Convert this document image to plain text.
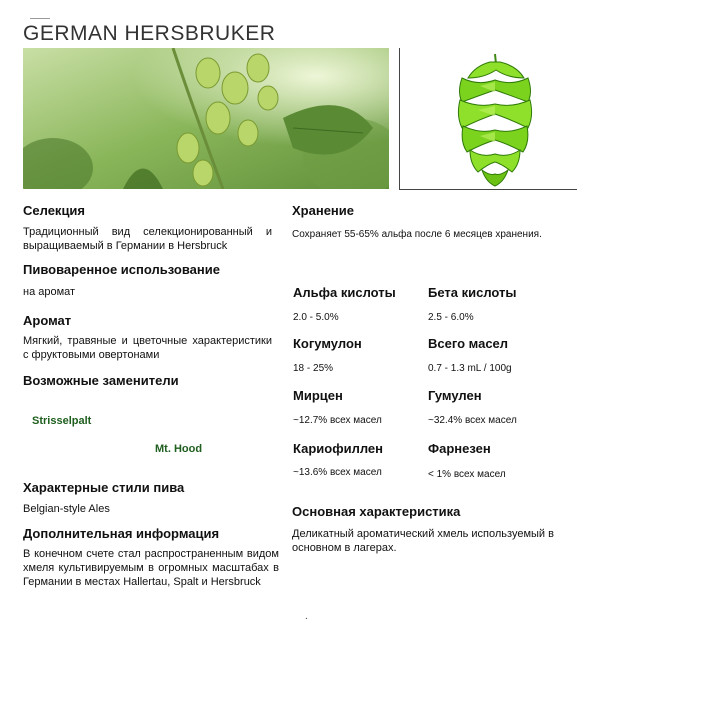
GERMAN HERSBRUKER
Селекция
Традиционный вид селекционированный и выращиваемый в Германии в Hersbruck
Пивоваренное использование
на аромат
Аромат
Мягкий, травяные и цветочные характеристики с фруктовыми овертонами
Возможные заменители
Strisselpalt
Mt. Hood
Характерные стили пива
Belgian-style Ales
Дополнительная информация
В конечном счете стал распространенным видом хмеля культивируемым в огромных масштабах в Германии в местах Hallertau, Spalt и Hersbruck
Хранение
Сохраняет 55-65% альфа после 6 месяцев хранения.
Альфа кислоты
2.0 - 5.0%
Бета кислоты
2.5 - 6.0%
Когумулон
18 - 25%
Всего масел
0.7 - 1.3 mL / 100g
Мирцен
~12.7% всех масел
Гумулен
~32.4% всех масел
Кариофиллен
~13.6% всех масел
Фарнезен
< 1% всех масел
Основная характеристика
Деликатный ароматический хмель используемый в основном в лагерах.
.
